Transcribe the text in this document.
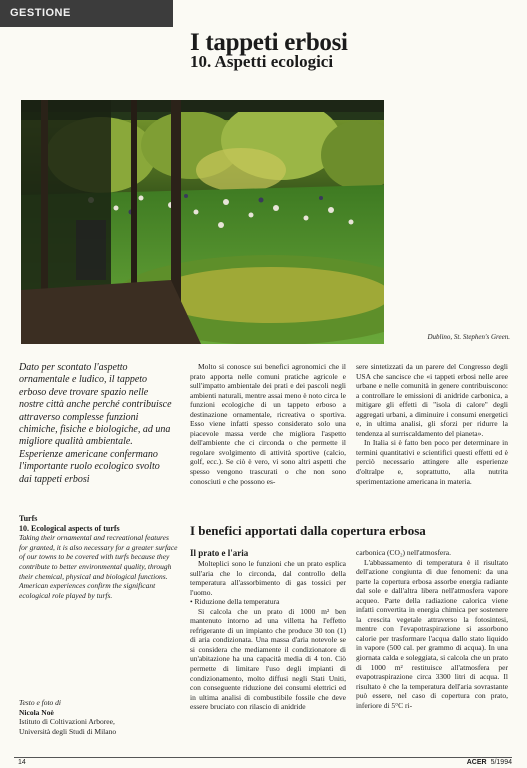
GESTIONE
I tappeti erbosi
10. Aspetti ecologici
Dublino, St. Stephen's Green.
Dato per scontato l'aspetto ornamentale e ludico, il tappeto erboso deve trovare spazio nelle nostre città anche perché contribuisce attraverso complesse funzioni chimiche, fisiche e biologiche, ad una migliore qualità ambientale. Esperienze americane confermano l'importante ruolo ecologico svolto dai tappeti erbosi
Turfs
10. Ecological aspects of turfs
Taking their ornamental and recreational features for granted, it is also necessary for a greater surface of our towns to be covered with turfs because they contribute to better environmental quality, through their chemical, physical and biological functions. American experiences confirm the significant ecological role played by turfs.
Testo e foto di
Nicola Noè
Istituto di Coltivazioni Arboree,
Università degli Studi di Milano

Molto si conosce sui benefici agronomici che il prato apporta nelle comuni pratiche agricole e sull'impatto ambientale dei prati e dei pascoli negli ambienti naturali, mentre assai meno è noto circa le funzioni ecologiche di un tappeto erboso a destinazione ornamentale, ricreativa o sportiva. Esso viene infatti spesso considerato solo una piacevole massa verde che migliora l'aspetto dell'ambiente che ci circonda o che permette il regolare svolgimento di attività sportive (calcio, golf, ecc.). Se ciò è vero, vi sono altri aspetti che spesso vengono trascurati o che non sono conosciuti e che possono es-

sere sintetizzati da un parere del Congresso degli USA che sancisce che «i tappeti erbosi nelle aree urbane e nelle comunità in genere contribuiscono: a controllare le emissioni di anidride carbonica, a mitigare gli effetti di "isola di calore" degli aggregati urbani, a diminuire i consumi energetici e, in ultima analisi, gli sforzi per ridurre la tendenza al surriscaldamento del pianeta».

In Italia si è fatto ben poco per determinare in termini quantitativi e scientifici questi effetti ed è perciò necessario attingere alle esperienze d'oltralpe e, soprattutto, alla nutrita sperimentazione americana in materia.

I benefici apportati dalla copertura erbosa

Il prato e l'aria

Molteplici sono le funzioni che un prato esplica sull'aria che lo circonda, dal controllo della temperatura all'assorbimento di gas tossici per l'uomo.

• Riduzione della temperatura

Si calcola che un prato di 1000 m² ben mantenuto intorno ad una villetta ha l'effetto refrigerante di un impianto che produce 30 ton (1) di aria condizionata. Una massa d'aria notevole se si considera che mediamente il condizionatore di un'abitazione ha una capacità media di 4 ton. Ciò permette di limitare l'uso degli impianti di condizionamento, molto diffusi negli Stati Uniti, con conseguente riduzione dei consumi elettrici ed in ultima analisi di combustibile fossile che deve essere bruciato con rilascio di anidride

carbonica (CO₂) nell'atmosfera.

L'abbassamento di temperatura è il risultato dell'azione congiunta di due fenomeni: da una parte la copertura erbosa assorbe energia radiante dal sole e dall'altra libera nell'atmosfera vapore acqueo. Parte della radiazione calorica viene infatti convertita in energia chimica per sostenere la crescita vegetale attraverso la fotosintesi, mentre con l'evapotraspirazione si assorbono calorie per trasformare l'acqua dallo stato liquido in vapore (500 cal. per grammo di acqua). In una giornata calda e soleggiata, si calcola che un prato di 1000 m² restituisce all'atmosfera per evapotraspirazione circa 3300 litri di acqua. Il risultato è che la temperatura dell'aria sovrastante può essere, nel caso di copertura con prato, inferiore di 5°C ri-

14	ACER 5/1994
